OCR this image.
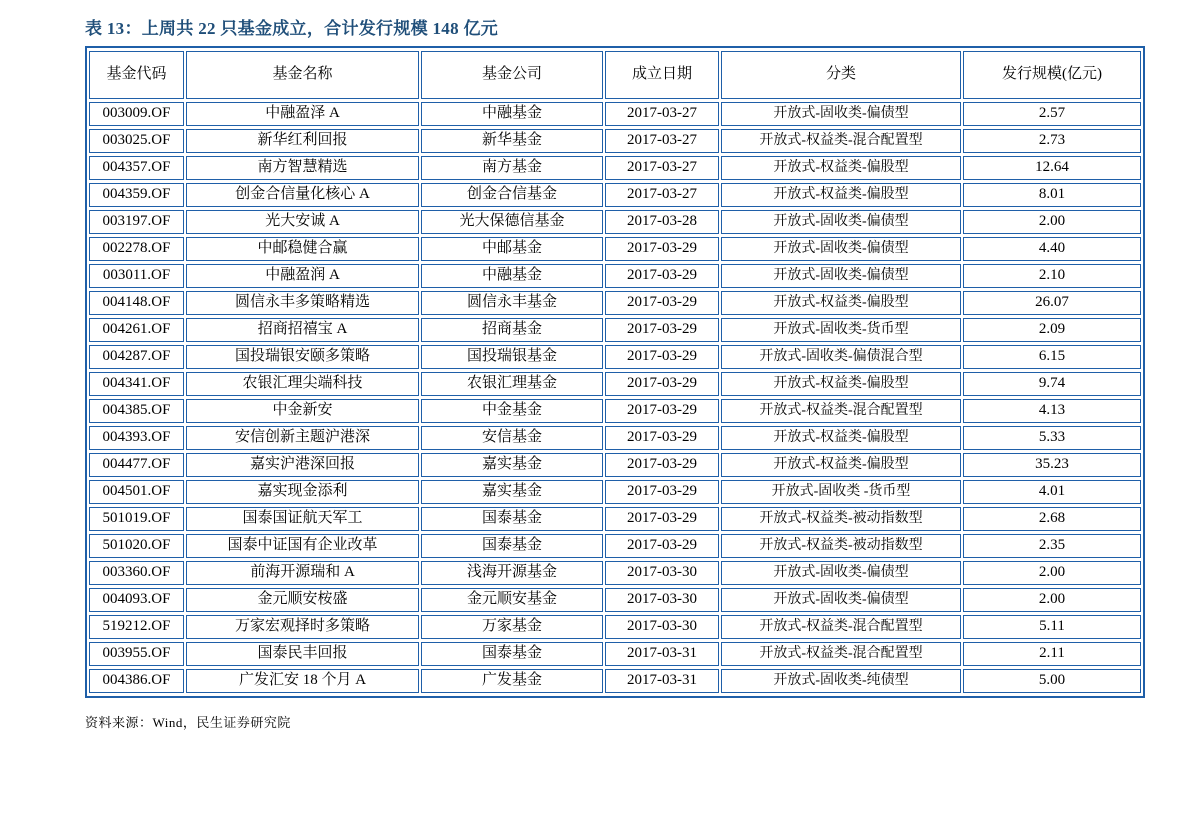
表 13：上周共 22 只基金成立，合计发行规模 148 亿元
基金代码	基金名称	基金公司	成立日期	分类	发行规模(亿元)
003009.OF	中融盈泽 A	中融基金	2017-03-27	开放式-固收类-偏债型	2.57
003025.OF	新华红利回报	新华基金	2017-03-27	开放式-权益类-混合配置型	2.73
004357.OF	南方智慧精选	南方基金	2017-03-27	开放式-权益类-偏股型	12.64
004359.OF	创金合信量化核心 A	创金合信基金	2017-03-27	开放式-权益类-偏股型	8.01
003197.OF	光大安诚 A	光大保德信基金	2017-03-28	开放式-固收类-偏债型	2.00
002278.OF	中邮稳健合赢	中邮基金	2017-03-29	开放式-固收类-偏债型	4.40
003011.OF	中融盈润 A	中融基金	2017-03-29	开放式-固收类-偏债型	2.10
004148.OF	圆信永丰多策略精选	圆信永丰基金	2017-03-29	开放式-权益类-偏股型	26.07
004261.OF	招商招禧宝 A	招商基金	2017-03-29	开放式-固收类-货币型	2.09
004287.OF	国投瑞银安颐多策略	国投瑞银基金	2017-03-29	开放式-固收类-偏债混合型	6.15
004341.OF	农银汇理尖端科技	农银汇理基金	2017-03-29	开放式-权益类-偏股型	9.74
004385.OF	中金新安	中金基金	2017-03-29	开放式-权益类-混合配置型	4.13
004393.OF	安信创新主题沪港深	安信基金	2017-03-29	开放式-权益类-偏股型	5.33
004477.OF	嘉实沪港深回报	嘉实基金	2017-03-29	开放式-权益类-偏股型	35.23
004501.OF	嘉实现金添利	嘉实基金	2017-03-29	开放式-固收类 -货币型	4.01
501019.OF	国泰国证航天军工	国泰基金	2017-03-29	开放式-权益类-被动指数型	2.68
501020.OF	国泰中证国有企业改革	国泰基金	2017-03-29	开放式-权益类-被动指数型	2.35
003360.OF	前海开源瑞和 A	浅海开源基金	2017-03-30	开放式-固收类-偏债型	2.00
004093.OF	金元顺安桉盛	金元顺安基金	2017-03-30	开放式-固收类-偏债型	2.00
519212.OF	万家宏观择时多策略	万家基金	2017-03-30	开放式-权益类-混合配置型	5.11
003955.OF	国泰民丰回报	国泰基金	2017-03-31	开放式-权益类-混合配置型	2.11
004386.OF	广发汇安 18 个月 A	广发基金	2017-03-31	开放式-固收类-纯债型	5.00
资料来源：Wind，民生证券研究院
